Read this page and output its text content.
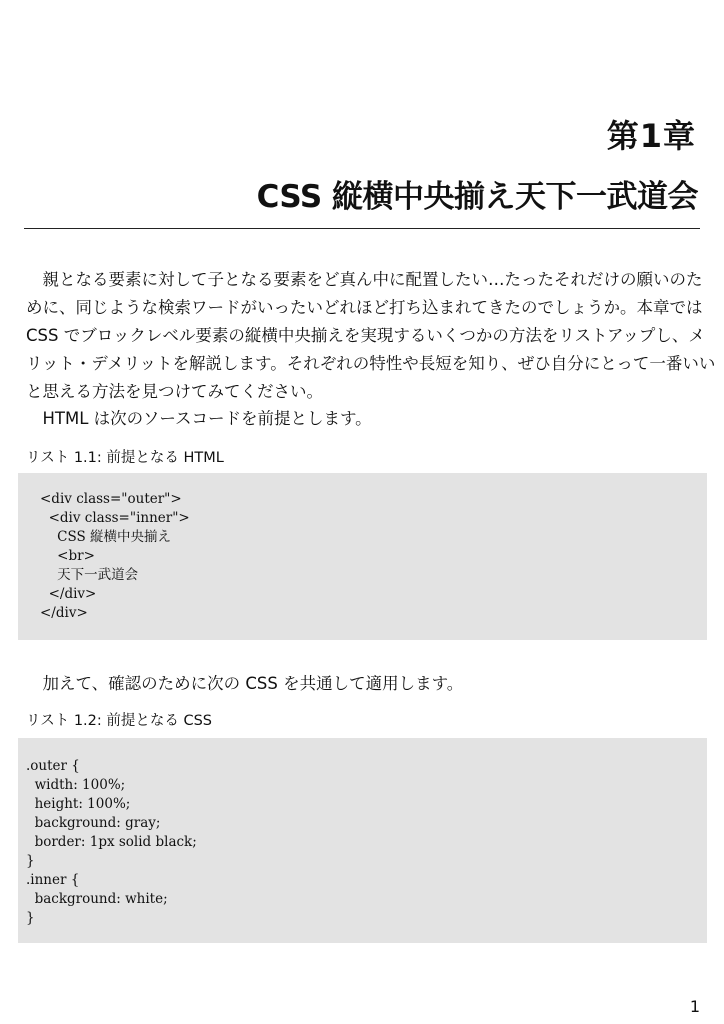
第1章
CSS 縦横中央揃え天下一武道会
　親となる要素に対して子となる要素をど真ん中に配置したい…たったそれだけの願いのた
めに、同じような検索ワードがいったいどれほど打ち込まれてきたのでしょうか。本章では
CSS でブロックレベル要素の縦横中央揃えを実現するいくつかの方法をリストアップし、メ
リット・デメリットを解説します。それぞれの特性や長短を知り、ぜひ自分にとって一番いい
と思える方法を見つけてみてください。
　HTML は次のソースコードを前提とします。
リスト 1.1: 前提となる HTML
<div class="outer">
<div class="inner">
CSS 縦横中央揃え
<br>
天下一武道会
</div>
</div>
　加えて、確認のために次の CSS を共通して適用します。
リスト 1.2: 前提となる CSS
.outer {
width: 100%;
height: 100%;
background: gray;
border: 1px solid black;
}
.inner {
background: white;
}
1
